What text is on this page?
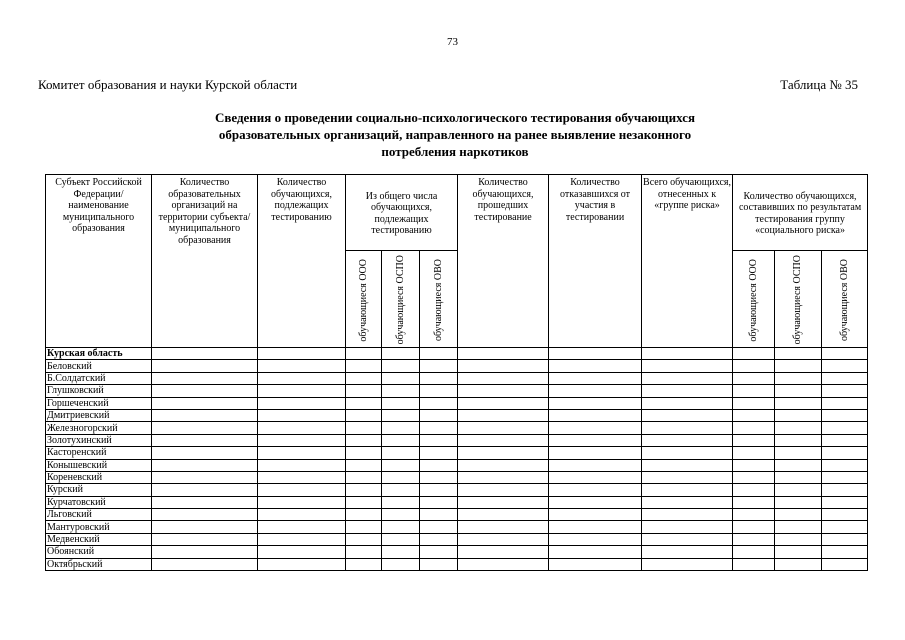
73
Комитет образования и науки Курской области	Таблица № 35
Сведения о проведении социально-психологического тестирования обучающихся
образовательных организаций, направленного на ранее выявление незаконного
потребления наркотиков
Субъект Российской Федерации/ наименование муниципального образования	Количество образовательных организаций на территории субъекта/ муниципального образования	Количество обучающихся, подлежащих тестированию	Из общего числа обучающихся, подлежащих тестированию			Количество обучающихся, прошедших тестирование	Количество отказавшихся от участия в тестировании	Всего обучающихся, отнесенных к «группе риска»	Количество обучающихся, составивших по результатам тестирования группу «социального риска»		

			обучающиеся ООО	обучающиеся ОСПО	обучающиеся ОВО				обучающиеся ООО	обучающиеся ОСПО	обучающиеся ОВО

Курская область											
Беловский											
Б.Солдатский											
Глушковский											
Горшеченский											
Дмитриевский											
Железногорский											
Золотухинский											
Касторенский											
Конышевский											
Кореневский											
Курский											
Курчатовский											
Льговский											
Мантуровский											
Медвенский											
Обоянский											
Октябрьский											
